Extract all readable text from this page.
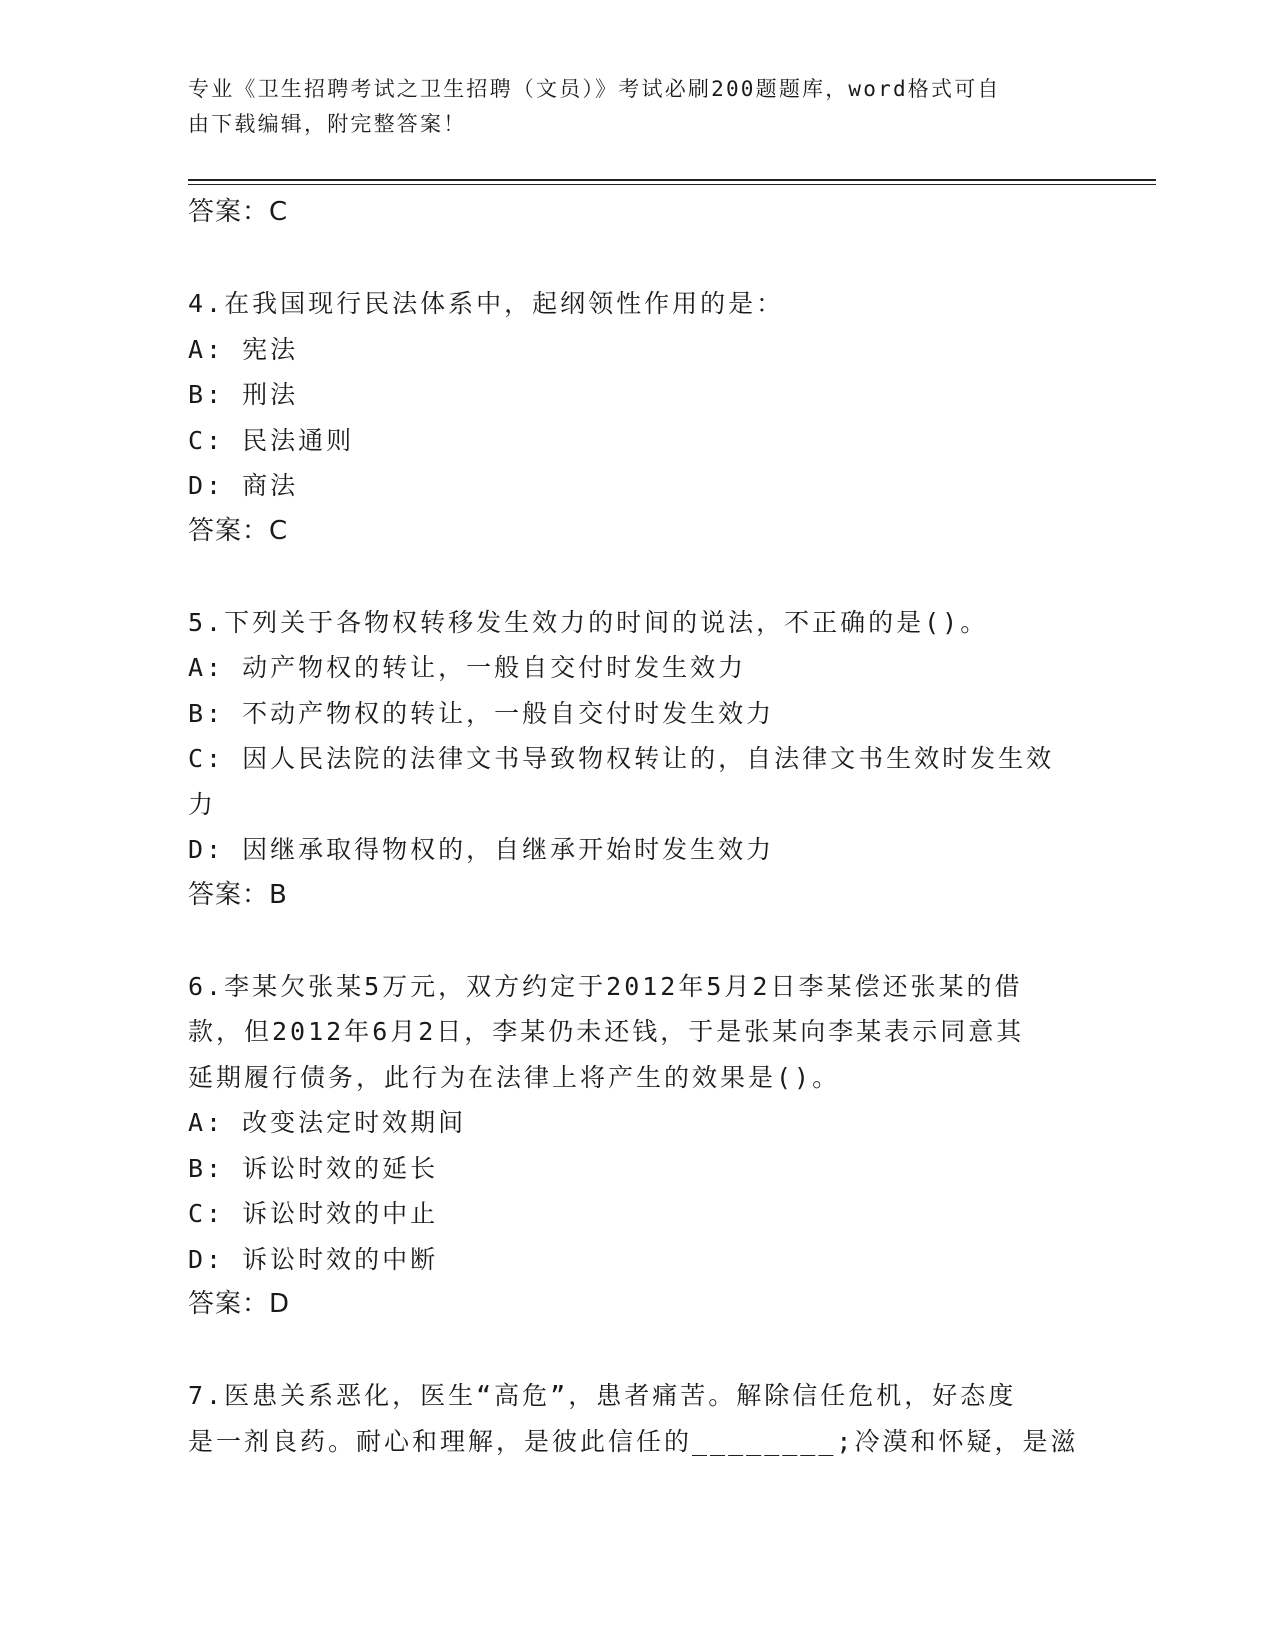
专业《卫生招聘考试之卫生招聘（文员）》考试必刷200题题库，word格式可自
由下载编辑，附完整答案！
答案：C
4.在我国现行民法体系中，起纲领性作用的是：
A: 宪法
B: 刑法
C: 民法通则
D: 商法
答案：C
5.下列关于各物权转移发生效力的时间的说法，不正确的是()。
A: 动产物权的转让，一般自交付时发生效力
B: 不动产物权的转让，一般自交付时发生效力
C: 因人民法院的法律文书导致物权转让的，自法律文书生效时发生效
力
D: 因继承取得物权的，自继承开始时发生效力
答案：B
6.李某欠张某5万元，双方约定于2012年5月2日李某偿还张某的借
款，但2012年6月2日，李某仍未还钱，于是张某向李某表示同意其
延期履行债务，此行为在法律上将产生的效果是()。
A: 改变法定时效期间
B: 诉讼时效的延长
C: 诉讼时效的中止
D: 诉讼时效的中断
答案：D
7.医患关系恶化，医生“高危”，患者痛苦。解除信任危机，好态度
是一剂良药。耐心和理解，是彼此信任的________;冷漠和怀疑，是滋
